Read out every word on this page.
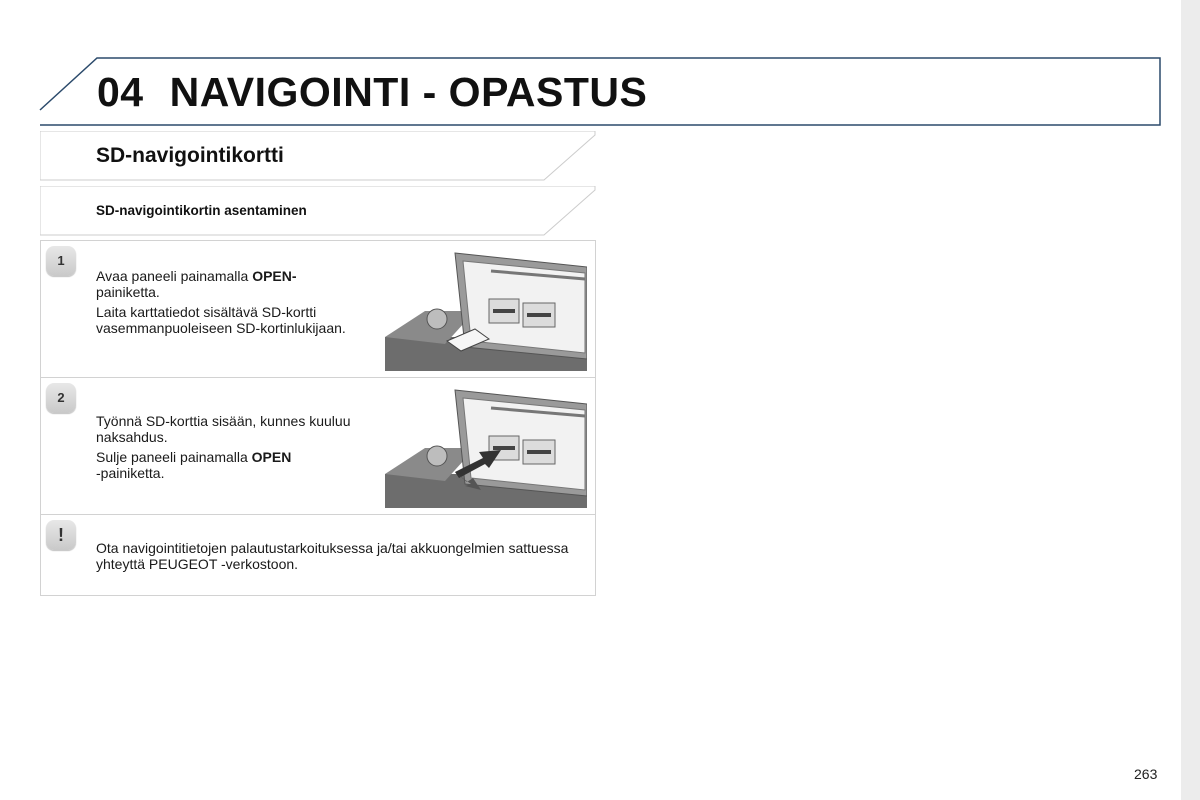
04 NAVIGOINTI - OPASTUS
SD-navigointikortti
SD-navigointikortin asentaminen
1

Avaa paneeli painamalla OPEN-
painiketta.

Laita karttatiedot sisältävä SD-kortti vasemmanpuoleiseen SD-kortinlukijaan.

2

Työnnä SD-korttia sisään, kunnes kuuluu naksahdus.

Sulje paneeli painamalla OPEN
-painiketta.

!
Ota navigointitietojen palautustarkoituksessa ja/tai akkuongelmien sattuessa yhteyttä PEUGEOT -verkostoon.
263
